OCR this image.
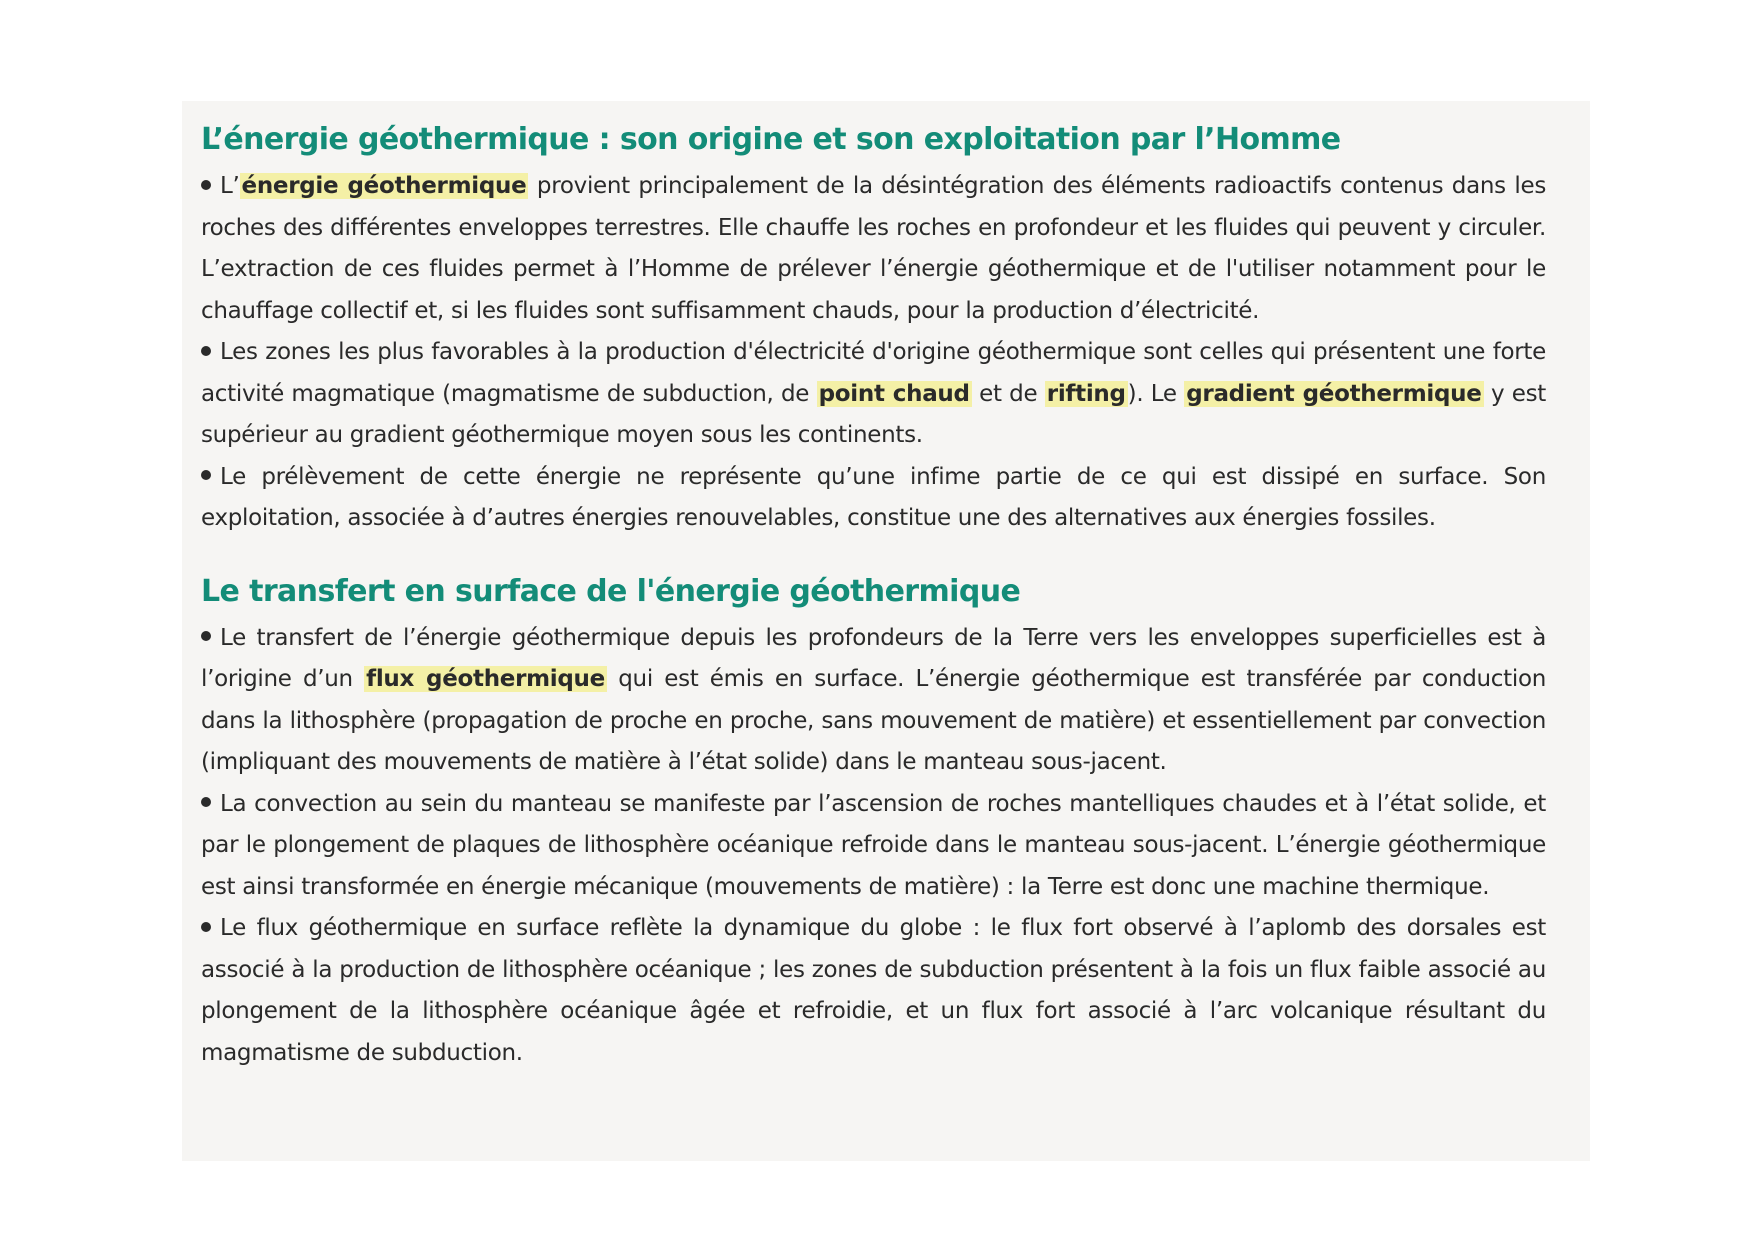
L’énergie géothermique : son origine et son exploitation par l’Homme

L’énergie géothermique provient principalement de la désintégration des éléments radioactifs contenus dans les roches des différentes enveloppes terrestres. Elle chauffe les roches en profondeur et les fluides qui peuvent y circuler. L’extraction de ces fluides permet à l’Homme de prélever l’énergie géothermique et de l'utiliser notamment pour le chauffage collectif et, si les fluides sont suffisamment chauds, pour la production d’électricité.

Les zones les plus favorables à la production d'électricité d'origine géothermique sont celles qui présentent une forte activité magmatique (magmatisme de subduction, de point chaud et de rifting). Le gradient géothermique y est supérieur au gradient géothermique moyen sous les continents.

Le prélèvement de cette énergie ne représente qu’une infime partie de ce qui est dissipé en surface. Son exploitation, associée à d’autres énergies renouvelables, constitue une des alternatives aux énergies fossiles.

Le transfert en surface de l'énergie géothermique

Le transfert de l’énergie géothermique depuis les profondeurs de la Terre vers les enveloppes superficielles est à l’origine d’un flux géothermique qui est émis en surface. L’énergie géothermique est transférée par conduction dans la lithosphère (propagation de proche en proche, sans mouvement de matière) et essentiellement par convection (impliquant des mouvements de matière à l’état solide) dans le manteau sous-jacent.

La convection au sein du manteau se manifeste par l’ascension de roches mantelliques chaudes et à l’état solide, et par le plongement de plaques de lithosphère océanique refroide dans le manteau sous-jacent. L’énergie géothermique est ainsi transformée en énergie mécanique (mouvements de matière) : la Terre est donc une machine thermique.

Le flux géothermique en surface reflète la dynamique du globe : le flux fort observé à l’aplomb des dorsales est associé à la production de lithosphère océanique ; les zones de subduction présentent à la fois un flux faible associé au plongement de la lithosphère océanique âgée et refroidie, et un flux fort associé à l’arc volcanique résultant du magmatisme de subduction.
